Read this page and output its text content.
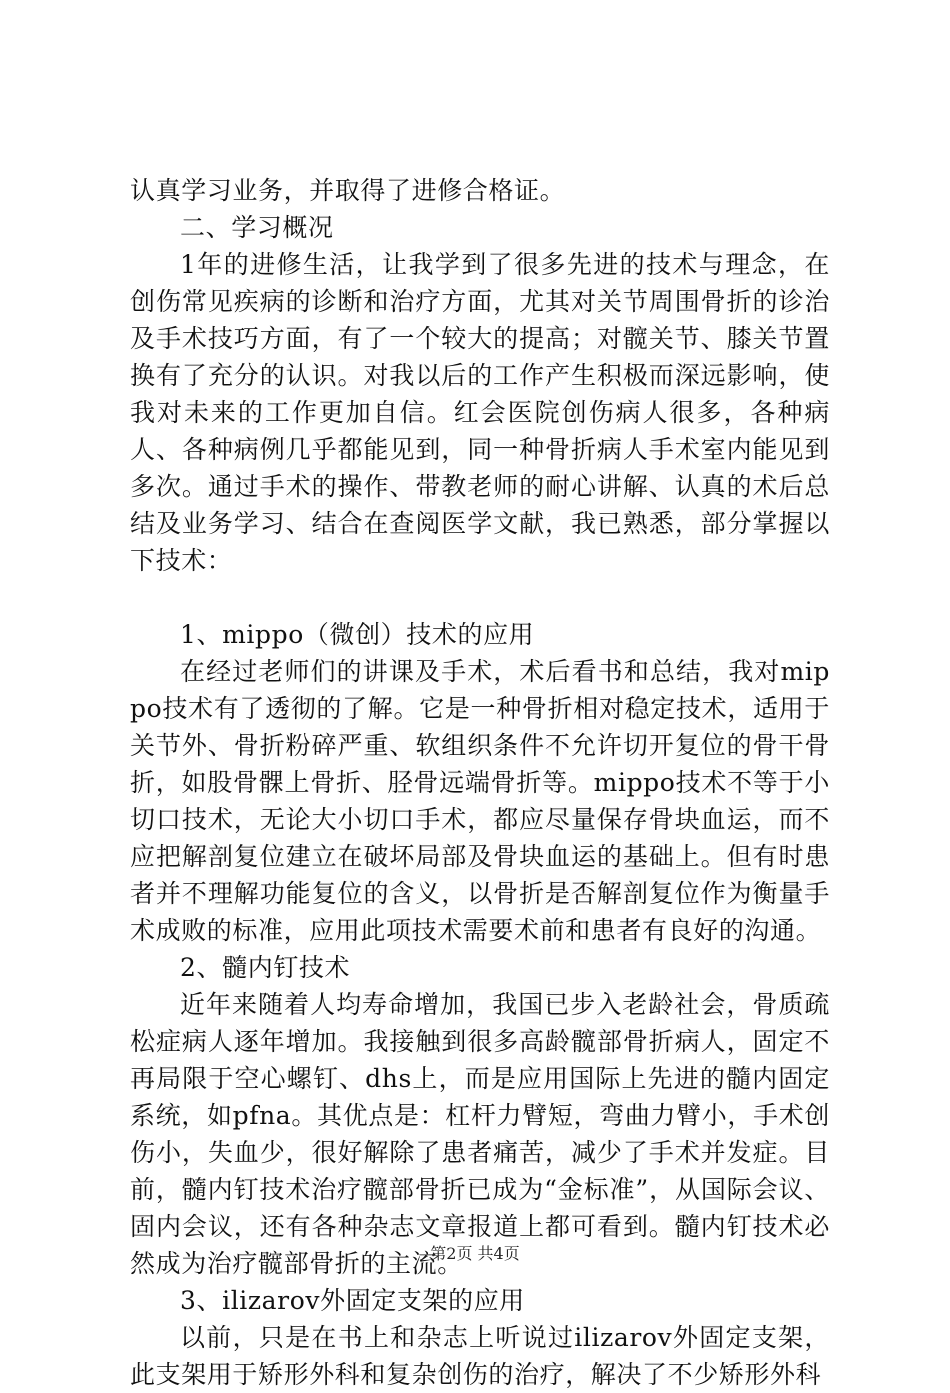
认真学习业务，并取得了进修合格证。

二、学习概况

1年的进修生活，让我学到了很多先进的技术与理念，在创伤常见疾病的诊断和治疗方面，尤其对关节周围骨折的诊治及手术技巧方面，有了一个较大的提高；对髋关节、膝关节置换有了充分的认识。对我以后的工作产生积极而深远影响，使我对未来的工作更加自信。红会医院创伤病人很多，各种病人、各种病例几乎都能见到，同一种骨折病人手术室内能见到多次。通过手术的操作、带教老师的耐心讲解、认真的术后总结及业务学习、结合在查阅医学文献，我已熟悉，部分掌握以下技术：

1、mippo（微创）技术的应用

在经过老师们的讲课及手术，术后看书和总结，我对mippo技术有了透彻的了解。它是一种骨折相对稳定技术，适用于关节外、骨折粉碎严重、软组织条件不允许切开复位的骨干骨折，如股骨髁上骨折、胫骨远端骨折等。mippo技术不等于小切口技术，无论大小切口手术，都应尽量保存骨块血运，而不应把解剖复位建立在破坏局部及骨块血运的基础上。但有时患者并不理解功能复位的含义，以骨折是否解剖复位作为衡量手术成败的标准，应用此项技术需要术前和患者有良好的沟通。

2、髓内钉技术

近年来随着人均寿命增加，我国已步入老龄社会，骨质疏松症病人逐年增加。我接触到很多高龄髋部骨折病人，固定不再局限于空心螺钉、dhs上，而是应用国际上先进的髓内固定系统，如pfna。其优点是：杠杆力臂短，弯曲力臂小，手术创伤小，失血少，很好解除了患者痛苦，减少了手术并发症。目前，髓内钉技术治疗髋部骨折已成为“金标准”，从国际会议、固内会议，还有各种杂志文章报道上都可看到。髓内钉技术必然成为治疗髋部骨折的主流。

3、ilizarov外固定支架的应用

以前，只是在书上和杂志上听说过ilizarov外固定支架，此支架用于矫形外科和复杂创伤的治疗，解决了不少矫形外科

第2页 共4页
